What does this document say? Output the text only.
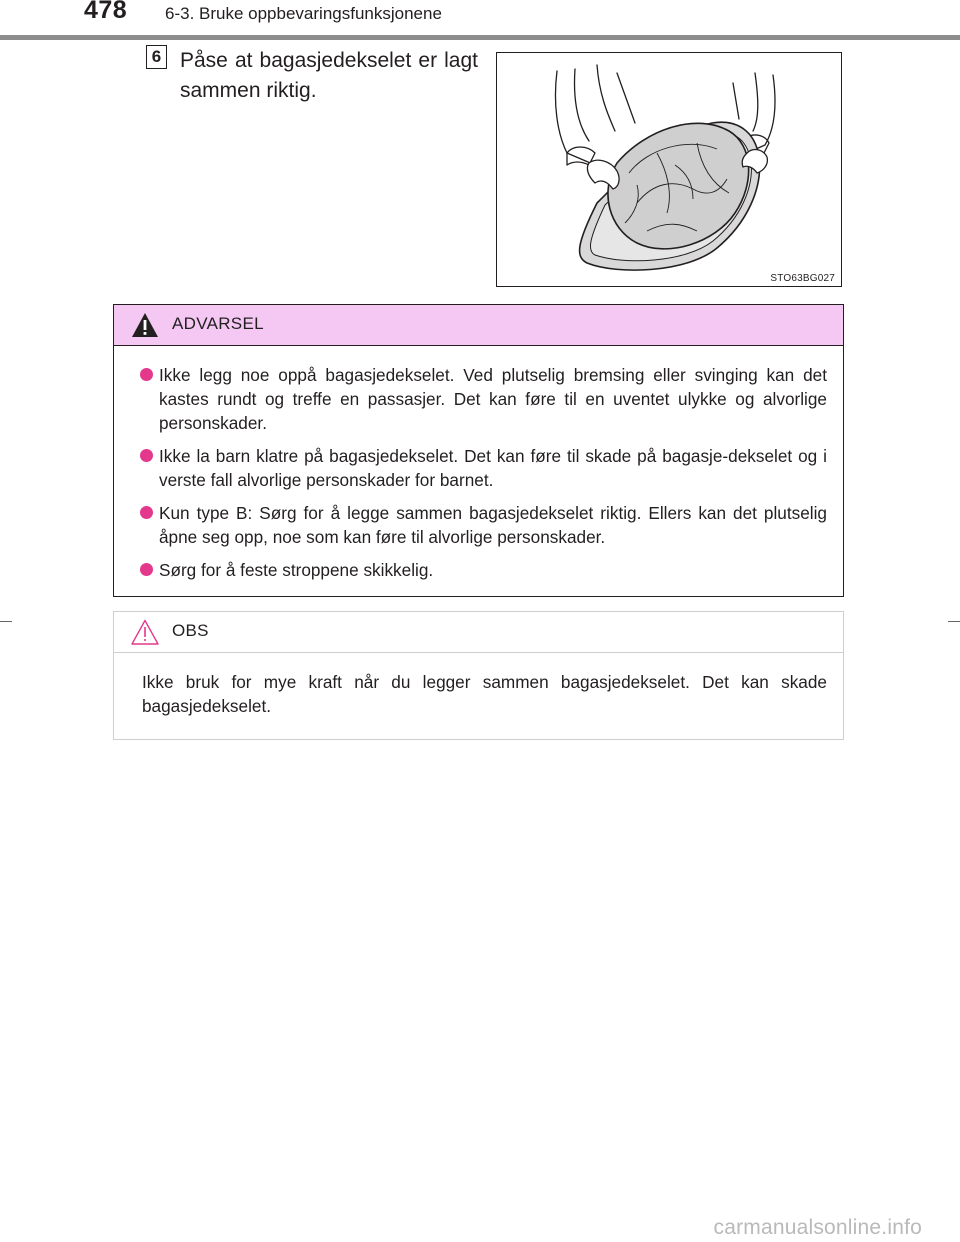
478 6-3. Bruke oppbevaringsfunksjonene
6 Påse at bagasjedekselet er lagt sammen riktig.
STO63BG027
ADVARSEL
Ikke legg noe oppå bagasjedekselet. Ved plutselig bremsing eller svinging kan det kastes rundt og treffe en passasjer. Det kan føre til en uventet ulykke og alvorlige personskader.
Ikke la barn klatre på bagasjedekselet. Det kan føre til skade på bagasje-dekselet og i verste fall alvorlige personskader for barnet.
Kun type B: Sørg for å legge sammen bagasjedekselet riktig. Ellers kan det plutselig åpne seg opp, noe som kan føre til alvorlige personskader.
Sørg for å feste stroppene skikkelig.
OBS
Ikke bruk for mye kraft når du legger sammen bagasjedekselet. Det kan skade bagasjedekselet.
carmanualsonline.info
